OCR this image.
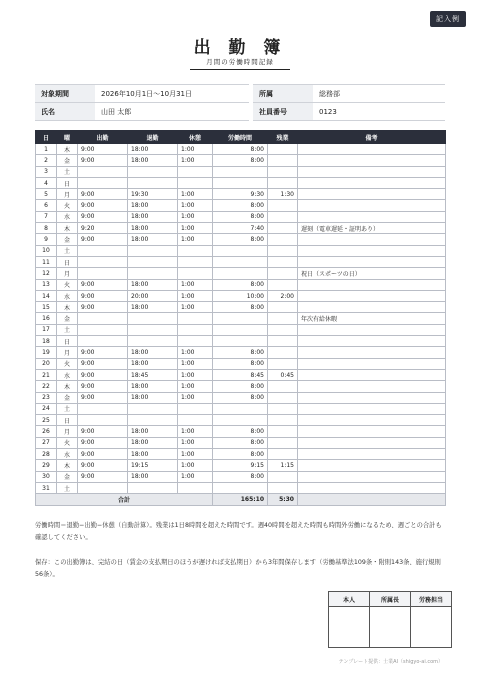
記入例
出 勤 簿
月間の労働時間記録
対象期間	2026年10月1日〜10月31日		所属	総務部
氏名	山田 太郎		社員番号	0123
日	曜	出勤	退勤	休憩	労働時間	残業	備考
1	木	9:00	18:00	1:00	8:00		
2	金	9:00	18:00	1:00	8:00		
3	土						
4	日						
5	月	9:00	19:30	1:00	9:30	1:30	
6	火	9:00	18:00	1:00	8:00		
7	水	9:00	18:00	1:00	8:00		
8	木	9:20	18:00	1:00	7:40		遅刻（電車遅延・証明あり）
9	金	9:00	18:00	1:00	8:00		
10	土						
11	日						
12	月						祝日（スポーツの日）
13	火	9:00	18:00	1:00	8:00		
14	水	9:00	20:00	1:00	10:00	2:00	
15	木	9:00	18:00	1:00	8:00		
16	金						年次有給休暇
17	土						
18	日						
19	月	9:00	18:00	1:00	8:00		
20	火	9:00	18:00	1:00	8:00		
21	水	9:00	18:45	1:00	8:45	0:45	
22	木	9:00	18:00	1:00	8:00		
23	金	9:00	18:00	1:00	8:00		
24	土						
25	日						
26	月	9:00	18:00	1:00	8:00		
27	火	9:00	18:00	1:00	8:00		
28	水	9:00	18:00	1:00	8:00		
29	木	9:00	19:15	1:00	9:15	1:15	
30	金	9:00	18:00	1:00	8:00		
31	土						
合計					165:10	5:30	
労働時間＝退勤−出勤−休憩（自動計算）。残業は1日8時間を超えた時間です。週40時間を超えた時間も時間外労働になるため、週ごとの合計も確認してください。
保存：この出勤簿は、完結の日（賃金の支払期日のほうが遅ければ支払期日）から3年間保存します（労働基準法109条・附則143条、施行規則56条）。
本人	所属長	労務担当

テンプレート提供：士業AI（shigyo-ai.com）
